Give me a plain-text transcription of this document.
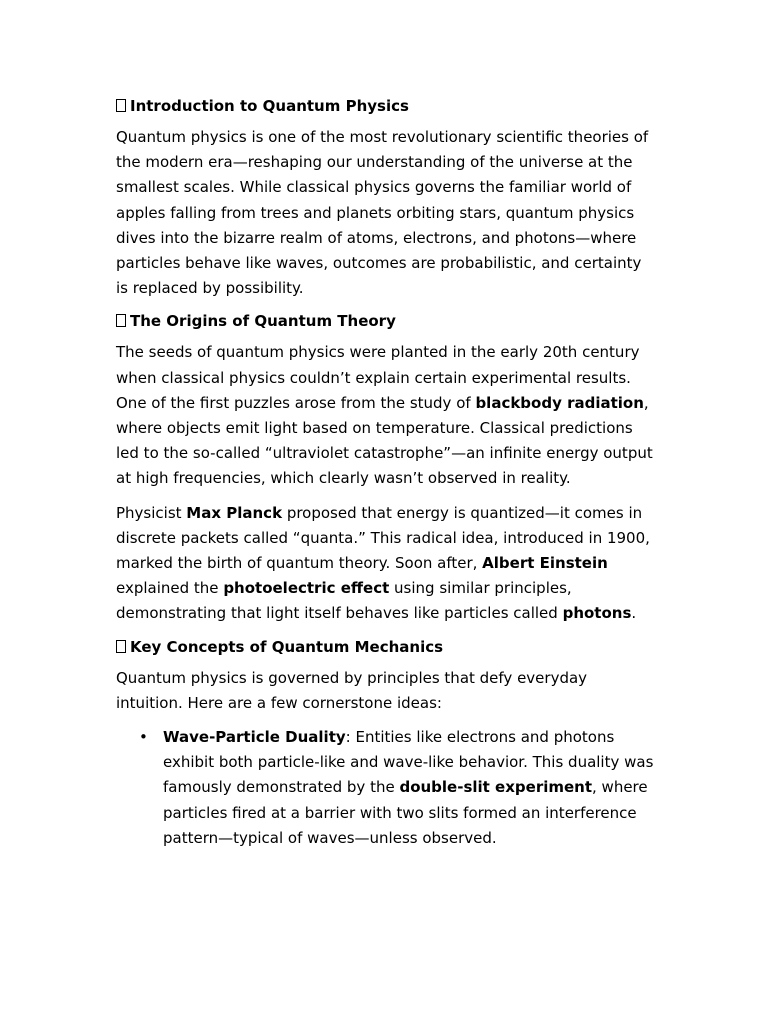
Introduction to Quantum Physics

Quantum physics is one of the most revolutionary scientific theories of the modern era—reshaping our understanding of the universe at the smallest scales. While classical physics governs the familiar world of apples falling from trees and planets orbiting stars, quantum physics dives into the bizarre realm of atoms, electrons, and photons—where particles behave like waves, outcomes are probabilistic, and certainty is replaced by possibility.

The Origins of Quantum Theory

The seeds of quantum physics were planted in the early 20th century when classical physics couldn’t explain certain experimental results. One of the first puzzles arose from the study of blackbody radiation, where objects emit light based on temperature. Classical predictions led to the so-called “ultraviolet catastrophe”—an infinite energy output at high frequencies, which clearly wasn’t observed in reality.

Physicist Max Planck proposed that energy is quantized—it comes in discrete packets called “quanta.” This radical idea, introduced in 1900, marked the birth of quantum theory. Soon after, Albert Einstein explained the photoelectric effect using similar principles, demonstrating that light itself behaves like particles called photons.

Key Concepts of Quantum Mechanics

Quantum physics is governed by principles that defy everyday intuition. Here are a few cornerstone ideas:

• Wave-Particle Duality: Entities like electrons and photons exhibit both particle-like and wave-like behavior. This duality was famously demonstrated by the double-slit experiment, where particles fired at a barrier with two slits formed an interference pattern—typical of waves—unless observed.
